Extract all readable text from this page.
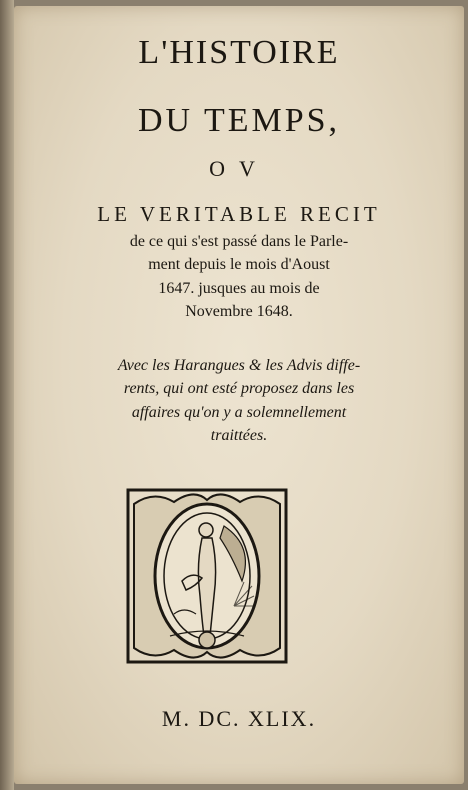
L'HISTOIRE
DU TEMPS,
OV
LE VERITABLE RECIT
de ce qui s'est passé dans le Parle-
ment depuis le mois d'Aoust
1647. jusques au mois de
Novembre 1648.
Avec les Harangues & les Advis diffe-
rents, qui ont esté proposez dans les
affaires qu'on y a solemnellement
traittées.
M. DC. XLIX.
